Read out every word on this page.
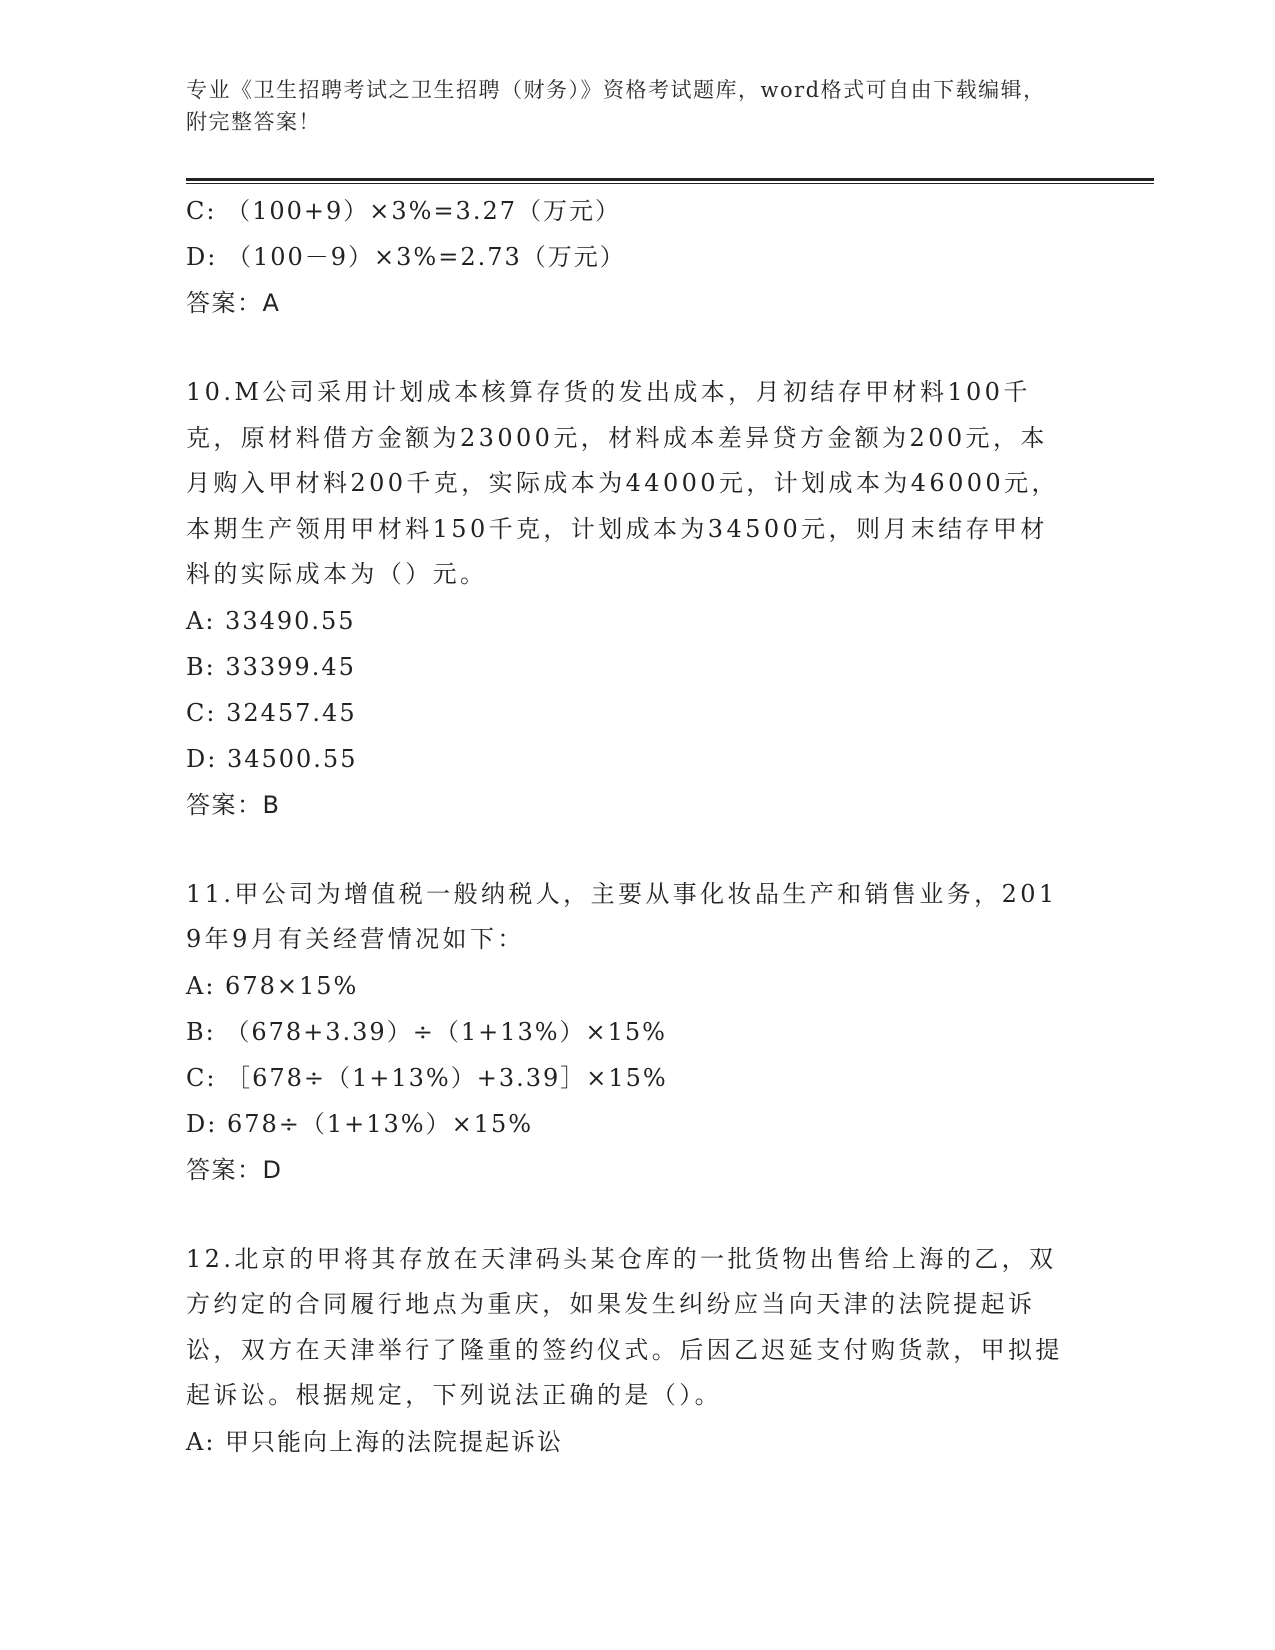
专业《卫生招聘考试之卫生招聘（财务）》资格考试题库，word格式可自由下载编辑，附完整答案！
C: （100+9）×3%=3.27（万元）
D: （100－9）×3%=2.73（万元）
答案：A
10.M公司采用计划成本核算存货的发出成本，月初结存甲材料100千克，原材料借方金额为23000元，材料成本差异贷方金额为200元，本月购入甲材料200千克，实际成本为44000元，计划成本为46000元，本期生产领用甲材料150千克，计划成本为34500元，则月末结存甲材料的实际成本为（）元。
A: 33490.55
B: 33399.45
C: 32457.45
D: 34500.55
答案：B
11.甲公司为增值税一般纳税人，主要从事化妆品生产和销售业务，2019年9月有关经营情况如下：
A: 678×15%
B: （678+3.39）÷（1+13%）×15%
C: ［678÷（1+13%）+3.39］×15%
D: 678÷（1+13%）×15%
答案：D
12.北京的甲将其存放在天津码头某仓库的一批货物出售给上海的乙，双方约定的合同履行地点为重庆，如果发生纠纷应当向天津的法院提起诉讼，双方在天津举行了隆重的签约仪式。后因乙迟延支付购货款，甲拟提起诉讼。根据规定，下列说法正确的是（）。
A: 甲只能向上海的法院提起诉讼
